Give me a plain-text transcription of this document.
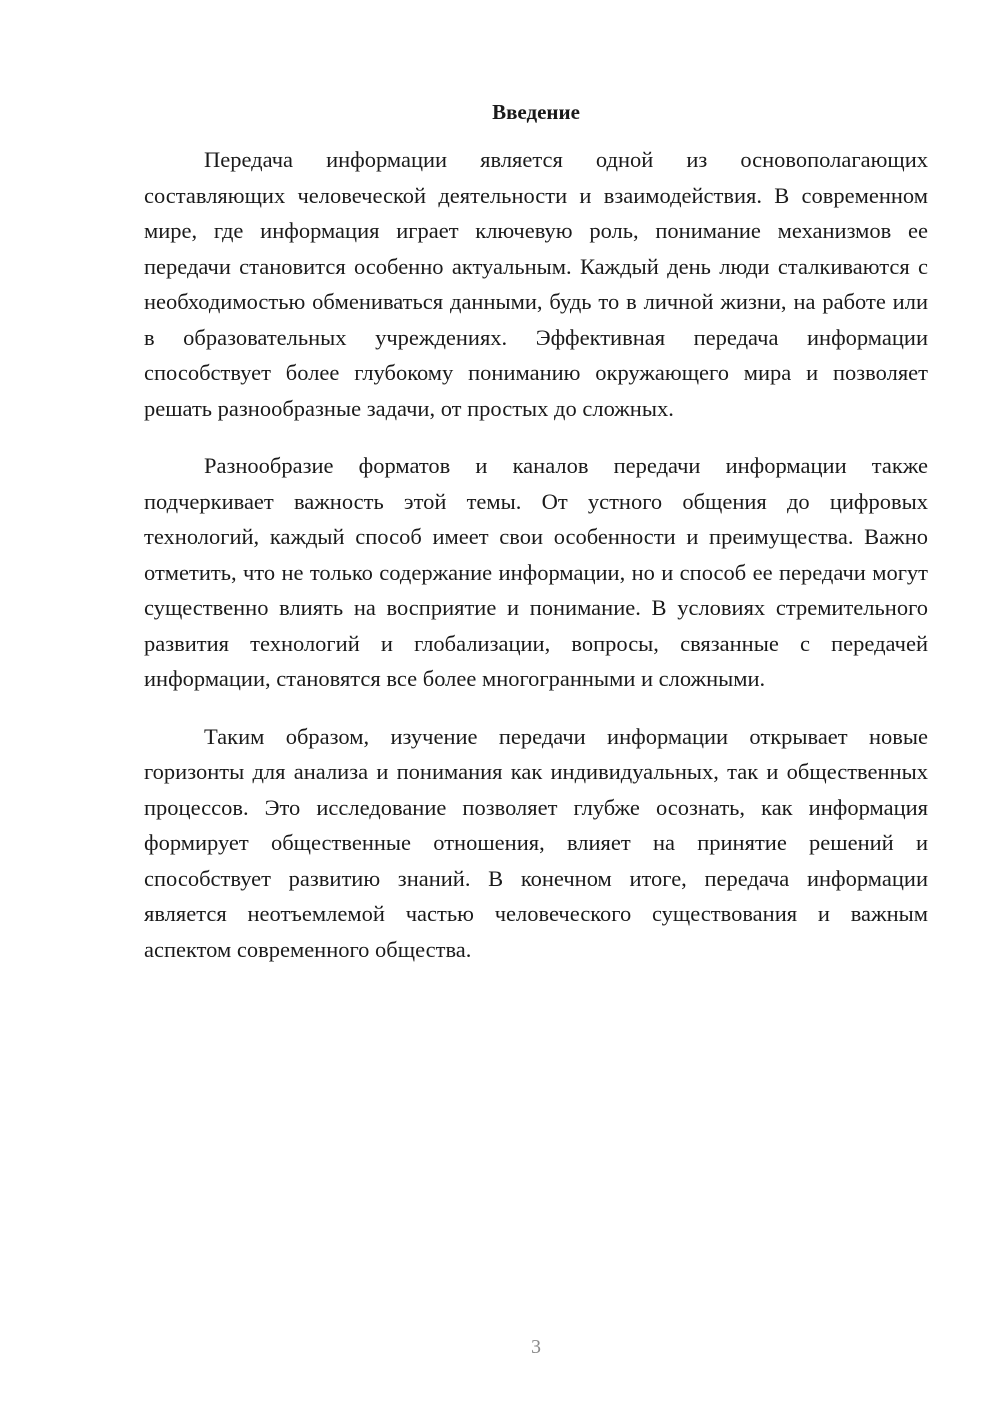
Введение

Передача информации является одной из основополагающих составляющих человеческой деятельности и взаимодействия. В современном мире, где информация играет ключевую роль, понимание механизмов ее передачи становится особенно актуальным. Каждый день люди сталкиваются с необходимостью обмениваться данными, будь то в личной жизни, на работе или в образовательных учреждениях. Эффективная передача информации способствует более глубокому пониманию окружающего мира и позволяет решать разнообразные задачи, от простых до сложных.

Разнообразие форматов и каналов передачи информации также подчеркивает важность этой темы. От устного общения до цифровых технологий, каждый способ имеет свои особенности и преимущества. Важно отметить, что не только содержание информации, но и способ ее передачи могут существенно влиять на восприятие и понимание. В условиях стремительного развития технологий и глобализации, вопросы, связанные с передачей информации, становятся все более многогранными и сложными.

Таким образом, изучение передачи информации открывает новые горизонты для анализа и понимания как индивидуальных, так и общественных процессов. Это исследование позволяет глубже осознать, как информация формирует общественные отношения, влияет на принятие решений и способствует развитию знаний. В конечном итоге, передача информации является неотъемлемой частью человеческого существования и важным аспектом современного общества.

3
